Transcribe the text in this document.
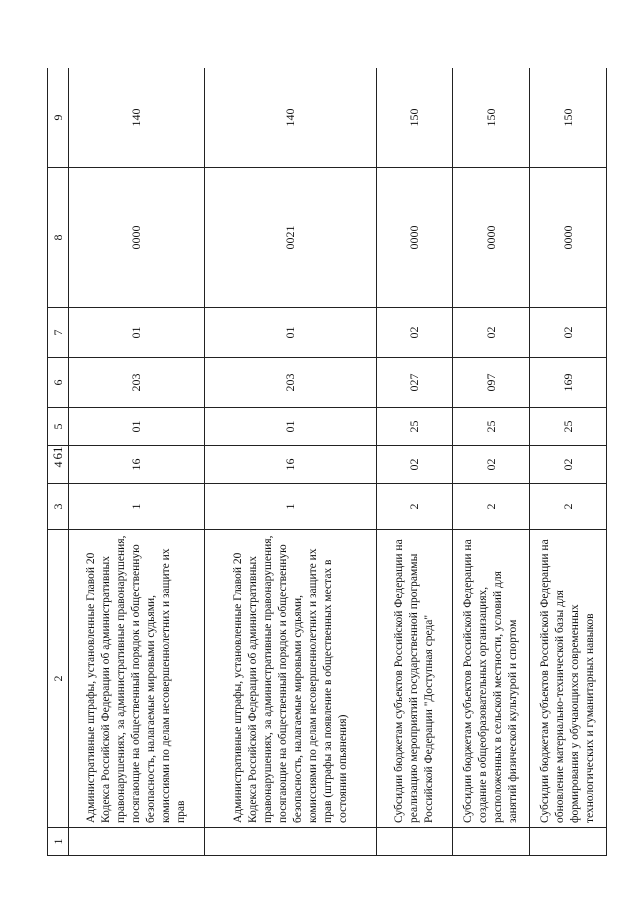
61
1	2	3	4	5	6	7	8	9
	Административные штрафы, установленные Главой 20 Кодекса Российской Федерации об административных правонарушениях, за административные правонарушения, посягающие на общественный порядок и общественную безопасность, налагаемые мировыми судьями, комиссиями по делам несовершеннолетних и защите их прав	1	16	01	203	01	0000	140
	Административные штрафы, установленные Главой 20 Кодекса Российской Федерации об административных правонарушениях, за административные правонарушения, посягающие на общественный порядок и общественную безопасность, налагаемые мировыми судьями, комиссиями по делам несовершеннолетних и защите их прав (штрафы за появление в общественных местах в состоянии опьянения)	1	16	01	203	01	0021	140
	Субсидии бюджетам субъектов Российской Федерации на реализацию мероприятий государственной программы Российской Федерации "Доступная среда"	2	02	25	027	02	0000	150
	Субсидии бюджетам субъектов Российской Федерации на создание в общеобразовательных организациях, расположенных в сельской местности, условий для занятий физической культурой и спортом	2	02	25	097	02	0000	150
	Субсидии бюджетам субъектов Российской Федерации на обновление материально-технической базы для формирования у обучающихся современных технологических и гуманитарных навыков	2	02	25	169	02	0000	150
